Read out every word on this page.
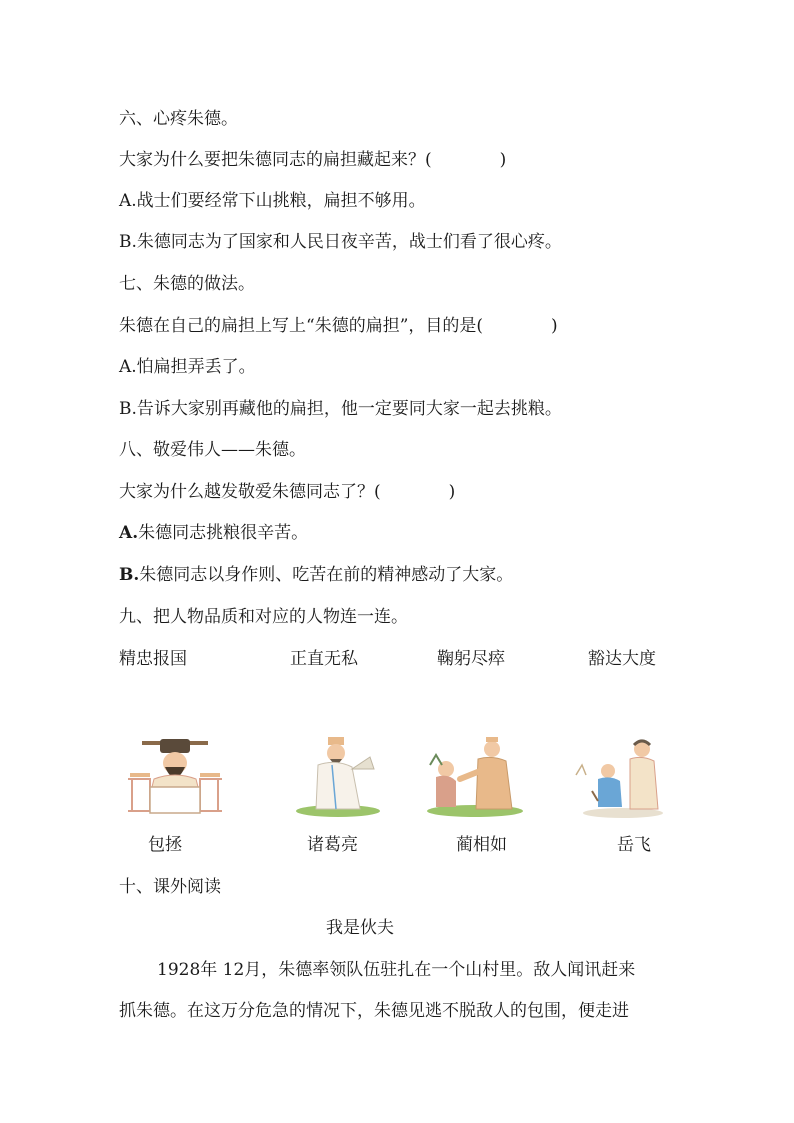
六、心疼朱德。
大家为什么要把朱德同志的扁担藏起来？(　　　　)
A.战士们要经常下山挑粮，扁担不够用。
B.朱德同志为了国家和人民日夜辛苦，战士们看了很心疼。
七、朱德的做法。
朱德在自己的扁担上写上“朱德的扁担”，目的是(　　　　)
A.怕扁担弄丢了。
B.告诉大家别再藏他的扁担，他一定要同大家一起去挑粮。
八、敬爱伟人——朱德。
大家为什么越发敬爱朱德同志了？(　　　　)
A.朱德同志挑粮很辛苦。
B.朱德同志以身作则、吃苦在前的精神感动了大家。
九、把人物品质和对应的人物连一连。
精忠报国	正直无私	鞠躬尽瘁	豁达大度
包拯	诸葛亮	蔺相如	岳飞
十、课外阅读
我是伙夫
1928年 12月，朱德率领队伍驻扎在一个山村里。敌人闻讯赶来
抓朱德。在这万分危急的情况下，朱德见逃不脱敌人的包围，便走进
